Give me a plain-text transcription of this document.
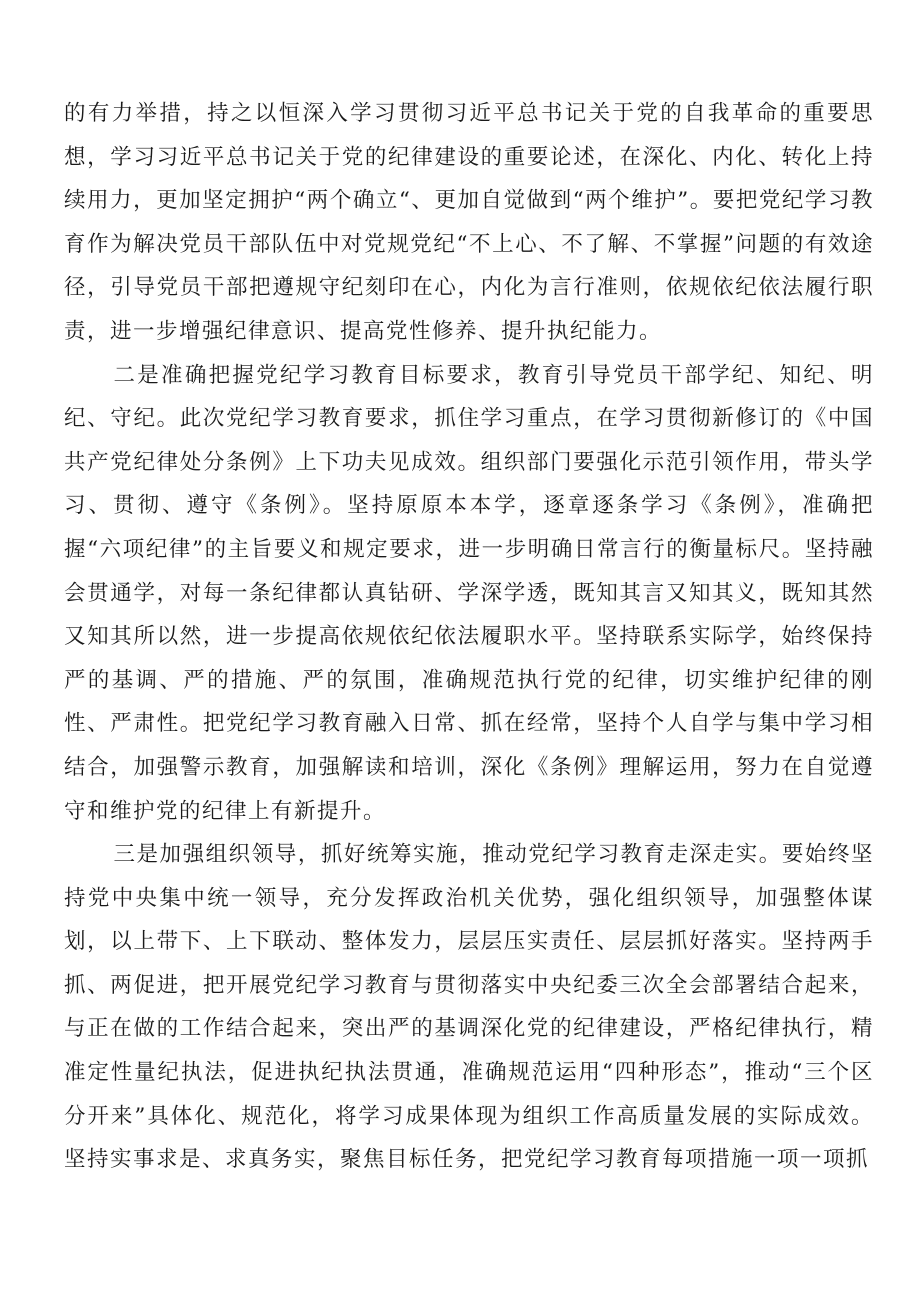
的有力举措，持之以恒深入学习贯彻习近平总书记关于党的自我革命的重要思想，学习习近平总书记关于党的纪律建设的重要论述，在深化、内化、转化上持续用力，更加坚定拥护“两个确立“、更加自觉做到“两个维护”。要把党纪学习教育作为解决党员干部队伍中对党规党纪“不上心、不了解、不掌握”问题的有效途径，引导党员干部把遵规守纪刻印在心，内化为言行准则，依规依纪依法履行职责，进一步增强纪律意识、提高党性修养、提升执纪能力。

二是准确把握党纪学习教育目标要求，教育引导党员干部学纪、知纪、明纪、守纪。此次党纪学习教育要求，抓住学习重点，在学习贯彻新修订的《中国共产党纪律处分条例》上下功夫见成效。组织部门要强化示范引领作用，带头学习、贯彻、遵守《条例》。坚持原原本本学，逐章逐条学习《条例》，准确把握“六项纪律”的主旨要义和规定要求，进一步明确日常言行的衡量标尺。坚持融会贯通学，对每一条纪律都认真钻研、学深学透，既知其言又知其义，既知其然又知其所以然，进一步提高依规依纪依法履职水平。坚持联系实际学，始终保持严的基调、严的措施、严的氛围，准确规范执行党的纪律，切实维护纪律的刚性、严肃性。把党纪学习教育融入日常、抓在经常，坚持个人自学与集中学习相结合，加强警示教育，加强解读和培训，深化《条例》理解运用，努力在自觉遵守和维护党的纪律上有新提升。

三是加强组织领导，抓好统筹实施，推动党纪学习教育走深走实。要始终坚持党中央集中统一领导，充分发挥政治机关优势，强化组织领导，加强整体谋划，以上带下、上下联动、整体发力，层层压实责任、层层抓好落实。坚持两手抓、两促进，把开展党纪学习教育与贯彻落实中央纪委三次全会部署结合起来，与正在做的工作结合起来，突出严的基调深化党的纪律建设，严格纪律执行，精准定性量纪执法，促进执纪执法贯通，准确规范运用“四种形态”，推动“三个区分开来”具体化、规范化，将学习成果体现为组织工作高质量发展的实际成效。坚持实事求是、求真务实，聚焦目标任务，把党纪学习教育每项措施一项一项抓
